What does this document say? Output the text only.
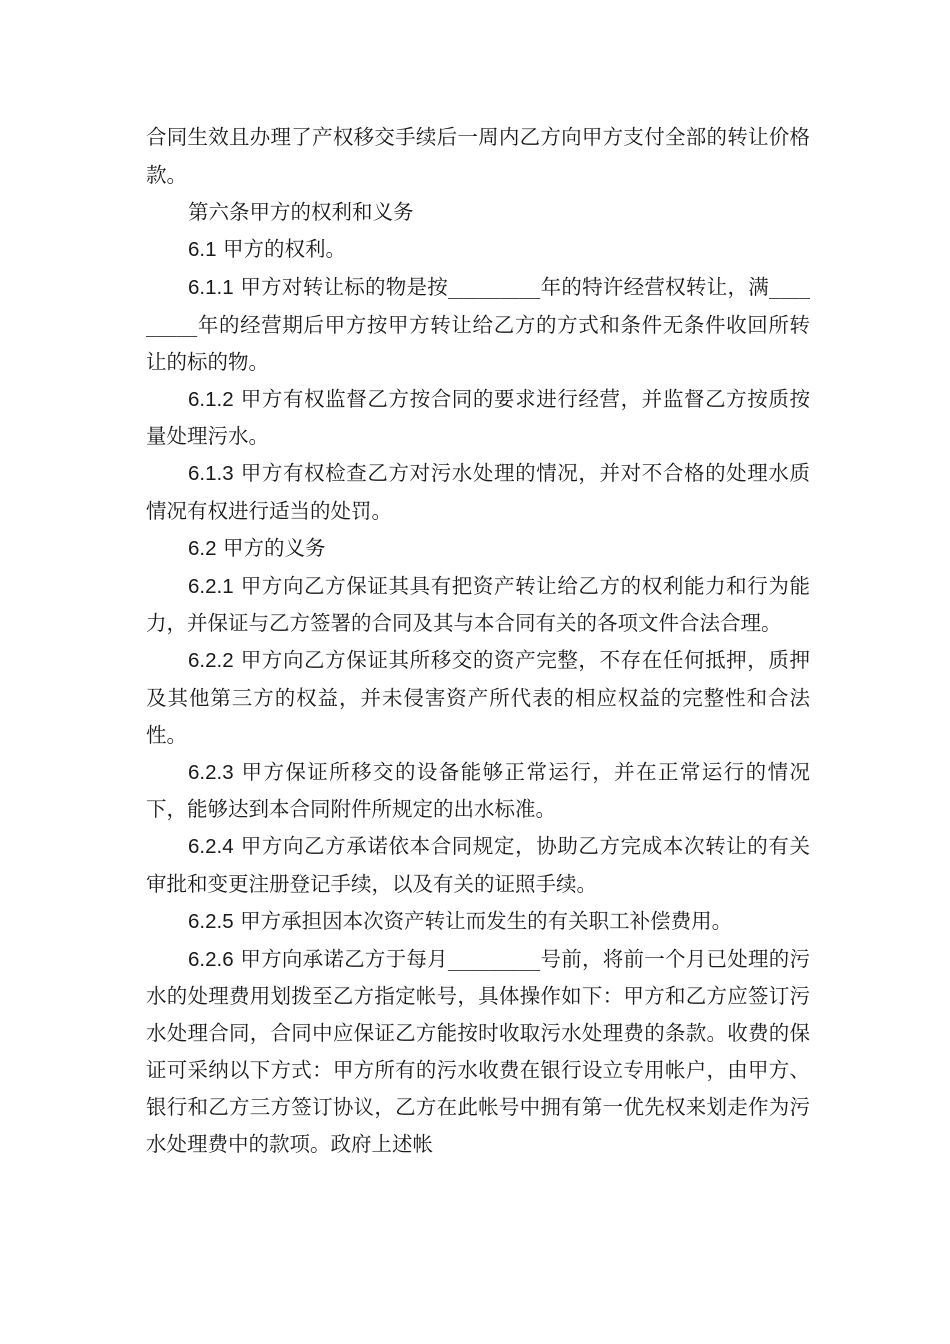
合同生效且办理了产权移交手续后一周内乙方向甲方支付全部的转让价格款。

第六条甲方的权利和义务

6.1 甲方的权利。

6.1.1 甲方对转让标的物是按_________年的特许经营权转让，满_________年的经营期后甲方按甲方转让给乙方的方式和条件无条件收回所转让的标的物。

6.1.2 甲方有权监督乙方按合同的要求进行经营，并监督乙方按质按量处理污水。

6.1.3 甲方有权检查乙方对污水处理的情况，并对不合格的处理水质情况有权进行适当的处罚。

6.2 甲方的义务

6.2.1 甲方向乙方保证其具有把资产转让给乙方的权利能力和行为能力，并保证与乙方签署的合同及其与本合同有关的各项文件合法合理。

6.2.2 甲方向乙方保证其所移交的资产完整，不存在任何抵押，质押及其他第三方的权益，并未侵害资产所代表的相应权益的完整性和合法性。

6.2.3 甲方保证所移交的设备能够正常运行，并在正常运行的情况下，能够达到本合同附件所规定的出水标准。

6.2.4 甲方向乙方承诺依本合同规定，协助乙方完成本次转让的有关审批和变更注册登记手续，以及有关的证照手续。

6.2.5 甲方承担因本次资产转让而发生的有关职工补偿费用。

6.2.6 甲方向承诺乙方于每月_________号前，将前一个月已处理的污水的处理费用划拨至乙方指定帐号，具体操作如下：甲方和乙方应签订污水处理合同，合同中应保证乙方能按时收取污水处理费的条款。收费的保证可采纳以下方式：甲方所有的污水收费在银行设立专用帐户，由甲方、银行和乙方三方签订协议，乙方在此帐号中拥有第一优先权来划走作为污水处理费中的款项。政府上述帐
